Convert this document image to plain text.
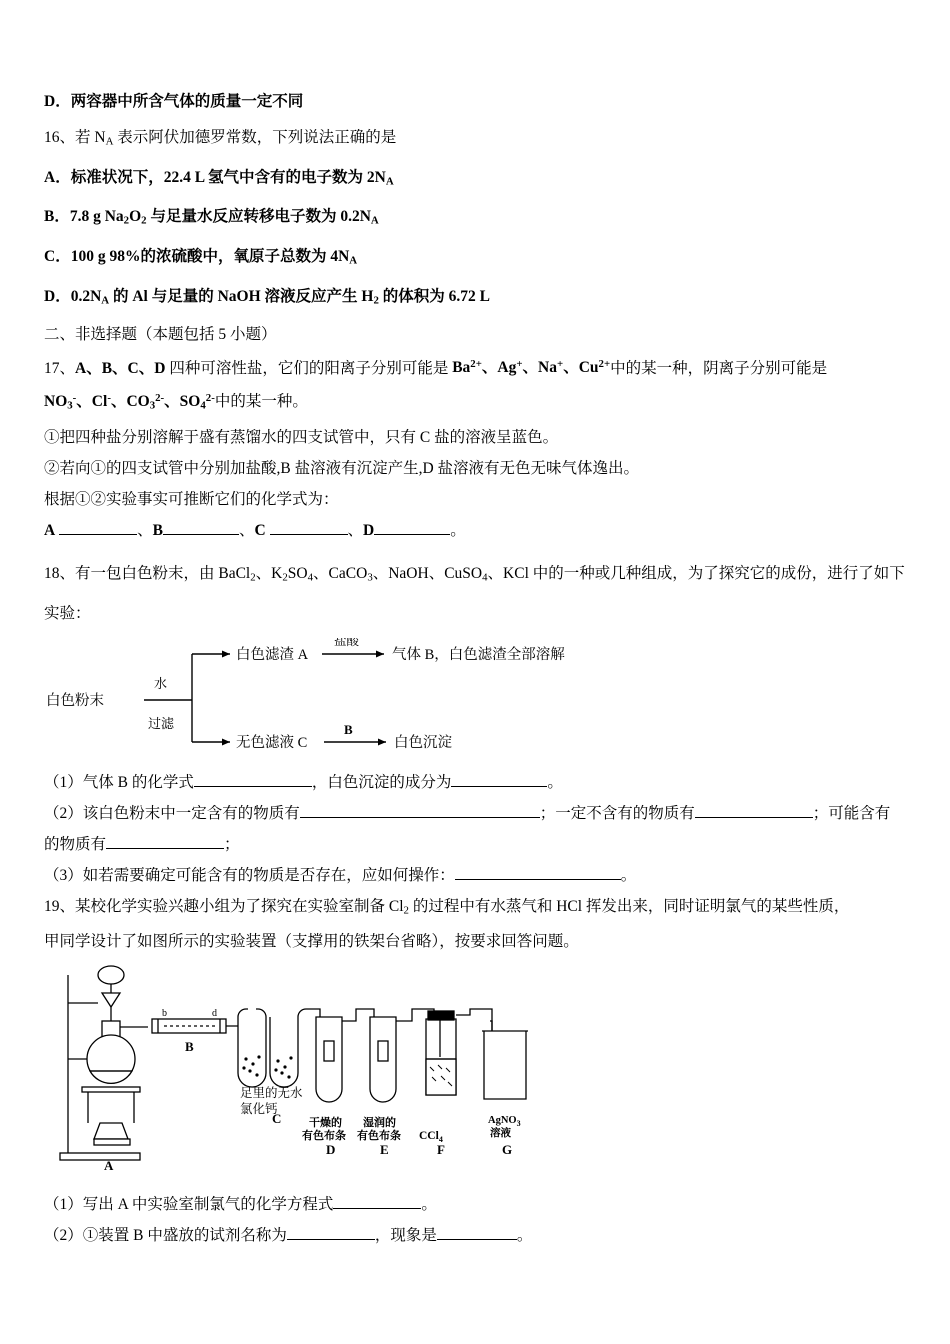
D．两容器中所含气体的质量一定不同
16、若 $N_A$ 表示阿伏加德罗常数，下列说法正确的是
A．标准状况下，22.4 L 氢气中含有的电子数为 $2N_A$
B．7.8 g $Na_2O_2$ 与足量水反应转移电子数为 $0.2N_A$
C．100 g 98%的浓硫酸中，氧原子总数为 $4N_A$
D．$0.2N_A$ 的 Al 与足量的 NaOH 溶液反应产生 $H_2$ 的体积为 6.72 L
二、非选择题（本题包括 5 小题）
17、A、B、C、D 四种可溶性盐，它们的阳离子分别可能是 $Ba^{2+}$、Ag+、Na+、$Cu^{2+}$中的某一种，阴离子分别可能是
$NO_3^-$、Cl-、$CO_3^{2-}$、$SO_4^{2-}$中的某一种。
①把四种盐分别溶解于盛有蒸馏水的四支试管中，只有 C 盐的溶液呈蓝色。
②若向①的四支试管中分别加盐酸,B 盐溶液有沉淀产生,D 盐溶液有无色无味气体逸出。
根据①②实验事实可推断它们的化学式为：
A	、B	、C	、D	。
18、有一包白色粉末，由 BaCl$_2$、$K_2SO_4$、CaCO$_3$、NaOH、CuSO$_4$、KCl 中的一种或几种组成，为了探究它的成份，进行了如下
实验：
白色粉末
水
过滤
白色滤渣 A
盐酸
气体 B，白色滤渣全部溶解
无色滤液 C
B
白色沉淀
（1）气体 B 的化学式	，白色沉淀的成分为	。
（2）该白色粉末中一定含有的物质有	；一定不含有的物质有	；可能含有
的物质有	；
（3）如若需要确定可能含有的物质是否存在，应如何操作：	。
19、某校化学实验兴趣小组为了探究在实验室制备 $Cl_2$ 的过程中有水蒸气和 HCl 挥发出来，同时证明氯气的某些性质，
甲同学设计了如图所示的实验装置（支撑用的铁架台省略），按要求回答问题。
A
B
b	d
C
D	E	F	G
足里的无水
氯化钙
干燥的
有色布条
湿润的
有色布条 CCl$_4$
AgNO$_3$
溶液
（1）写出 A 中实验室制氯气的化学方程式	。
（2）①装置 B 中盛放的试剂名称为	，现象是	。
